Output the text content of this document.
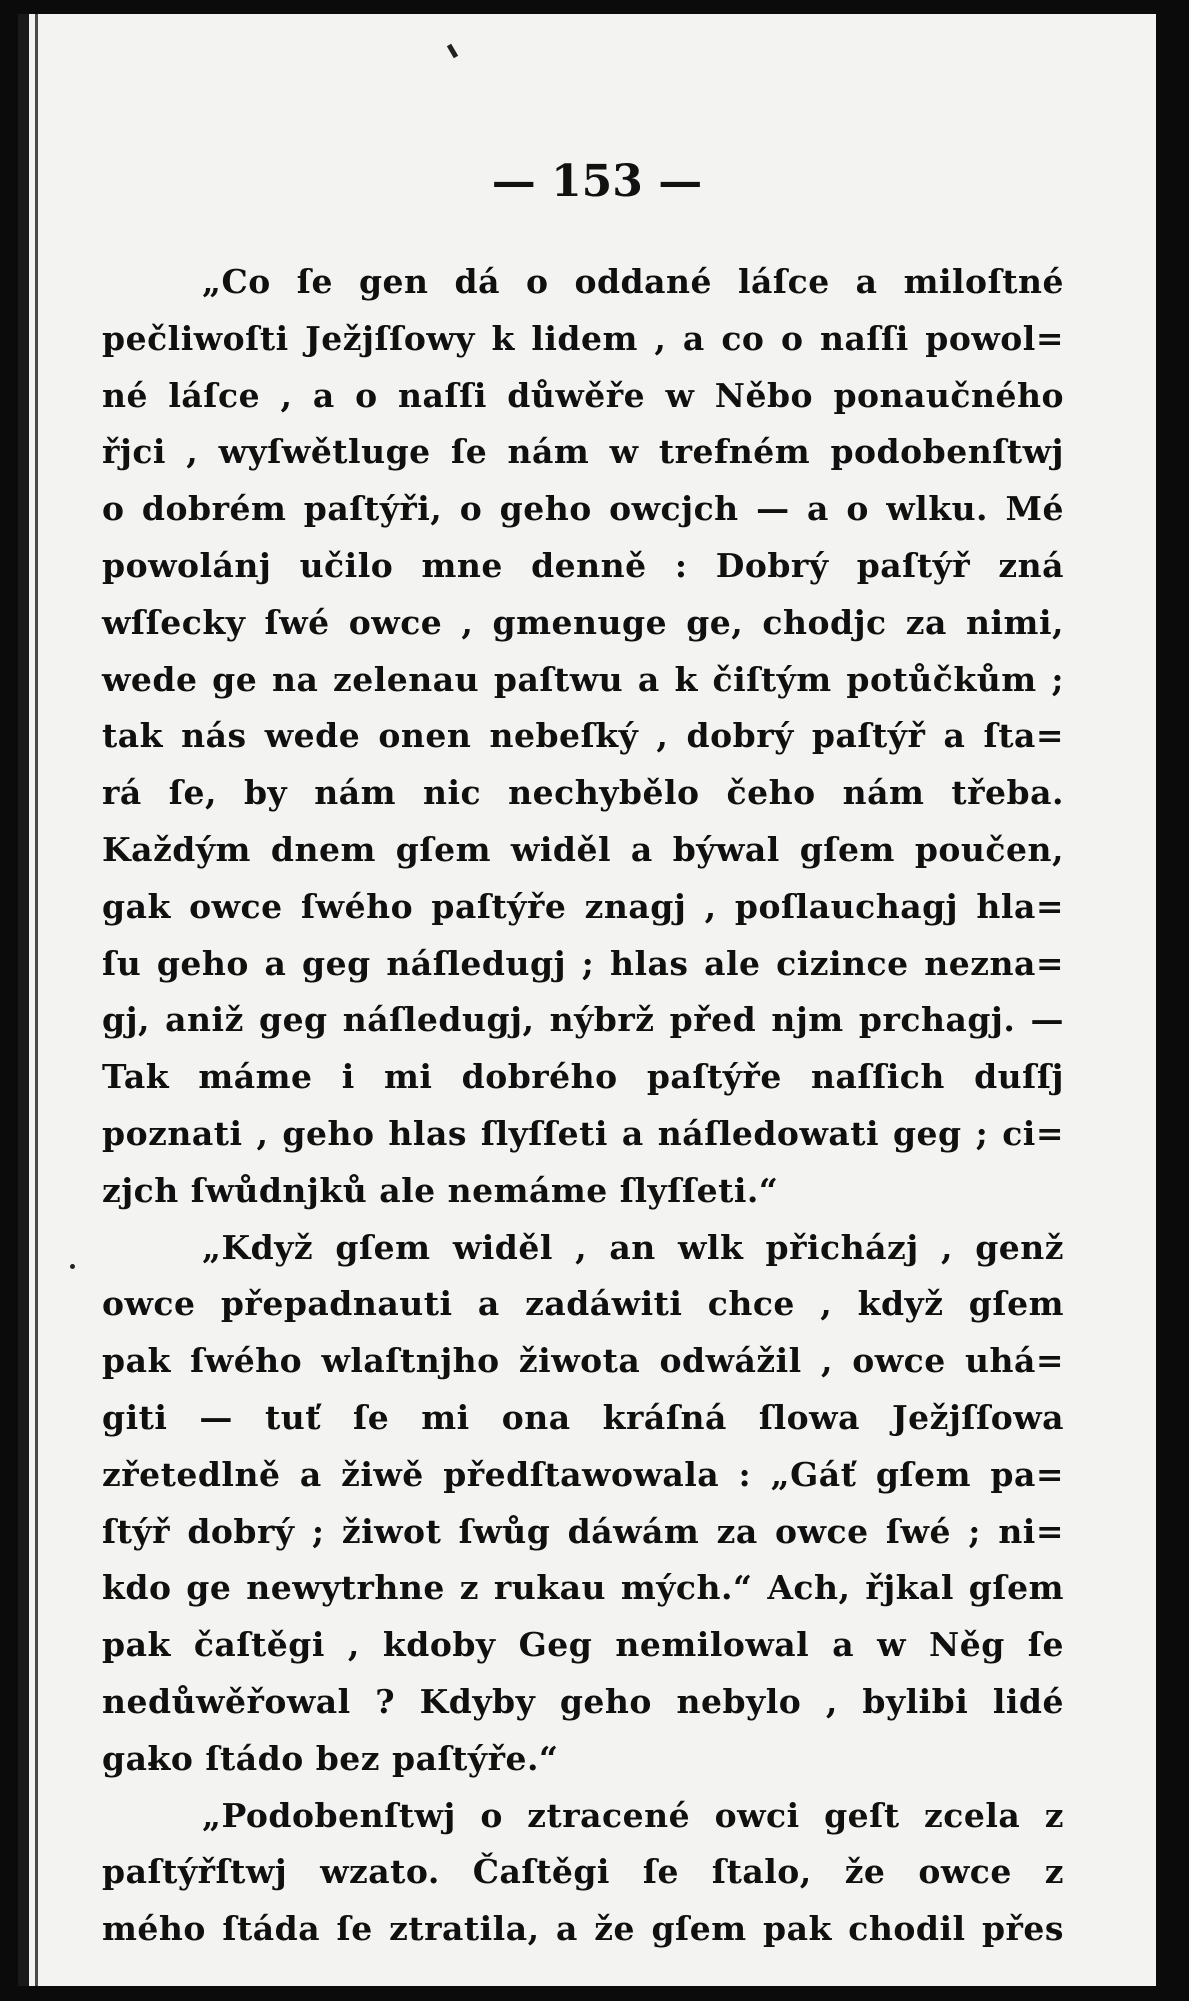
— 153 —
„Co ſe gen dá o oddané láſce a miloſtné
pečliwoſti Ježjſſowy k lidem , a co o naſſi powol=
né láſce , a o naſſi důwěře w Něbo ponaučného
řjci , wyſwětluge ſe nám w trefném podobenſtwj
o dobrém paſtýři, o geho owcjch — a o wlku. Mé
powolánj učilo mne denně : Dobrý paſtýř zná
wſſecky ſwé owce , gmenuge ge, chodjc za nimi,
wede ge na zelenau paſtwu a k čiſtým potůčkům ;
tak nás wede onen nebeſký , dobrý paſtýř a ſta=
rá ſe, by nám nic nechybělo čeho nám třeba.
Každým dnem gſem widěl a býwal gſem poučen,
gak owce ſwého paſtýře znagj , poſlauchagj hla=
ſu geho a geg náſledugj ; hlas ale cizince nezna=
gj, aniž geg náſledugj, nýbrž před njm prchagj. —
Tak máme i mi dobrého paſtýře naſſich duſſj
poznati , geho hlas ſlyſſeti a náſledowati geg ; ci=
zjch ſwůdnjků ale nemáme ſlyſſeti.“
„Když gſem widěl , an wlk přicházj , genž
owce přepadnauti a zadáwiti chce , když gſem
pak ſwého wlaſtnjho žiwota odwážil , owce uhá=
giti — tuť ſe mi ona kráſná ſlowa Ježjſſowa
zřetedlně a žiwě předſtawowala : „Gáť gſem pa=
ſtýř dobrý ; žiwot ſwůg dáwám za owce ſwé ; ni=
kdo ge newytrhne z rukau mých.“ Ach, řjkal gſem
pak čaſtěgi , kdoby Geg nemilowal a w Něg ſe
nedůwěřowal ? Kdyby geho nebylo , bylibi lidé
gako ſtádo bez paſtýře.“
„Podobenſtwj o ztracené owci geſt zcela z
paſtýřſtwj wzato. Čaſtěgi ſe ſtalo, že owce z
mého ſtáda ſe ztratila, a že gſem pak chodil přes
